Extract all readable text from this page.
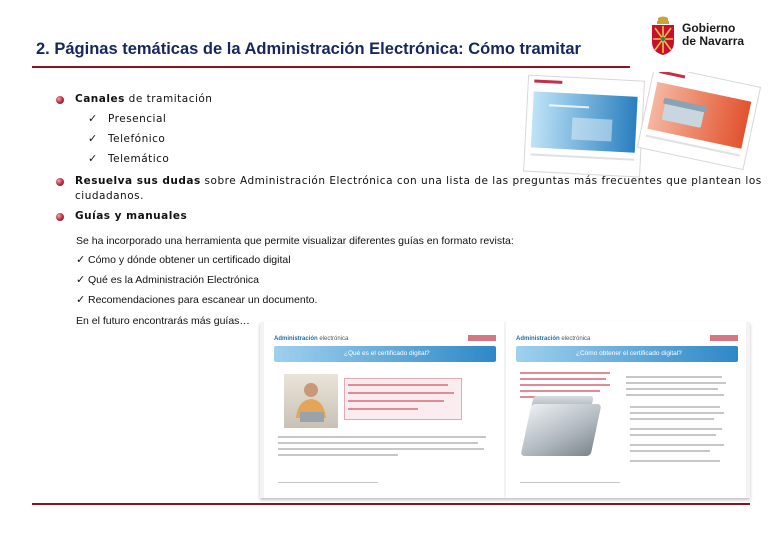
2. Páginas temáticas de la Administración Electrónica: Cómo tramitar
Gobierno
de Navarra
Canales de tramitación
✓ Presencial
✓ Telefónico
✓ Telemático
Resuelva sus dudas sobre Administración Electrónica con una lista de las preguntas más frecuentes que plantean los
ciudadanos.
Guías y manuales
Se ha incorporado una herramienta que permite visualizar diferentes guías en formato revista:
✓ Cómo y dónde obtener un certificado digital
✓ Qué es la Administración Electrónica
✓ Recomendaciones para escanear un documento.
En el futuro encontrarás más guías…
Administración electrónica
¿Qué es el certificado digital?
Administración electrónica
¿Cómo obtener el certificado digital?
